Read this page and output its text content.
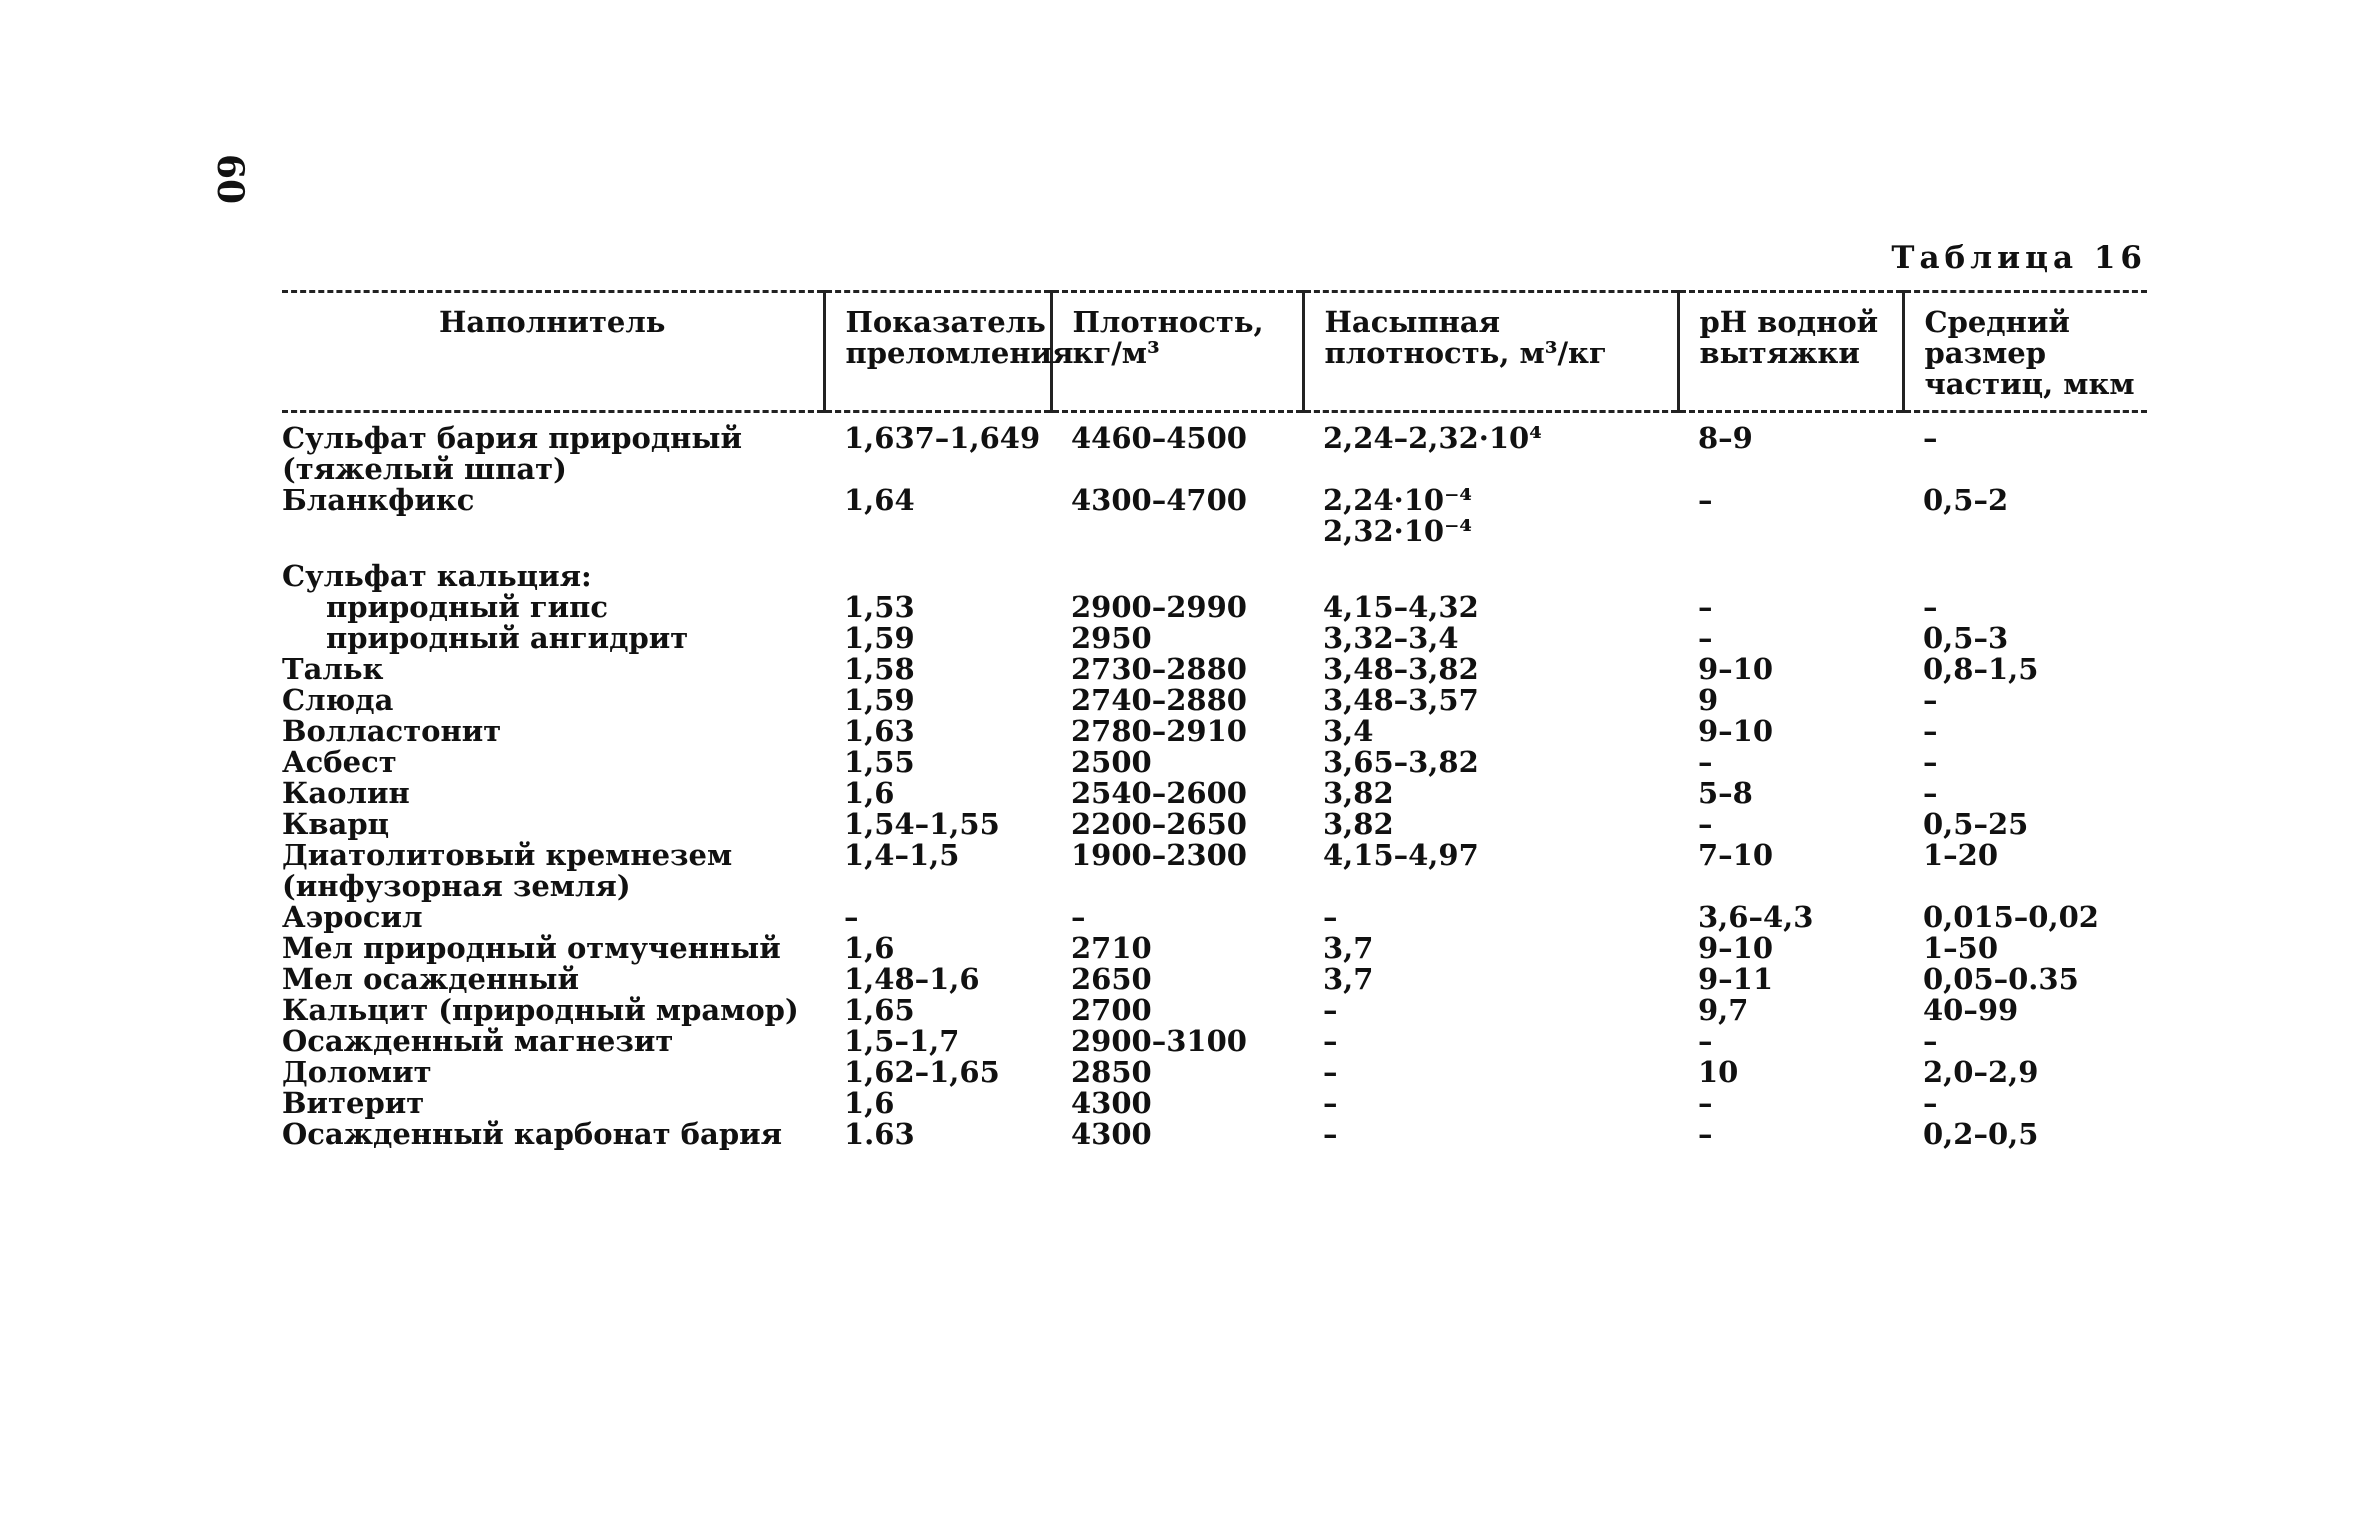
60
Таблица 16
Наполнитель	Показатель преломления	Плотность, кг/м³	Насыпная плотность, м³/кг	pH водной вытяжки	Средний размер частиц, мкм

Сульфат бария природный (тяжелый шпат)	1,637–1,649	4460–4500	2,24–2,32·10⁴	8–9	–

Бланкфикс	1,64	4300–4700	2,24·10⁻⁴
2,32·10⁻⁴	–	0,5–2

Сульфат кальция:					

природный гипс	1,53	2900–2990	4,15–4,32	–	–

природный ангидрит	1,59	2950	3,32–3,4	–	0,5–3

Тальк	1,58	2730–2880	3,48–3,82	9–10	0,8–1,5

Слюда	1,59	2740–2880	3,48–3,57	9	–

Волластонит	1,63	2780–2910	3,4	9–10	–

Асбест	1,55	2500	3,65–3,82	–	–

Каолин	1,6	2540–2600	3,82	5–8	–

Кварц	1,54–1,55	2200–2650	3,82	–	0,5–25

Диатолитовый кремнезем (инфузорная земля)	1,4–1,5	1900–2300	4,15–4,97	7–10	1–20

Аэросил	–	–	–	3,6–4,3	0,015–0,02

Мел природный отмученный	1,6	2710	3,7	9–10	1–50

Мел осажденный	1,48–1,6	2650	3,7	9–11	0,05–0.35

Кальцит (природный мрамор)	1,65	2700	–	9,7	40–99

Осажденный магнезит	1,5–1,7	2900–3100	–	–	–

Доломит	1,62–1,65	2850	–	10	2,0–2,9

Витерит	1,6	4300	–	–	–

Осажденный карбонат бария	1.63	4300	–	–	0,2–0,5
